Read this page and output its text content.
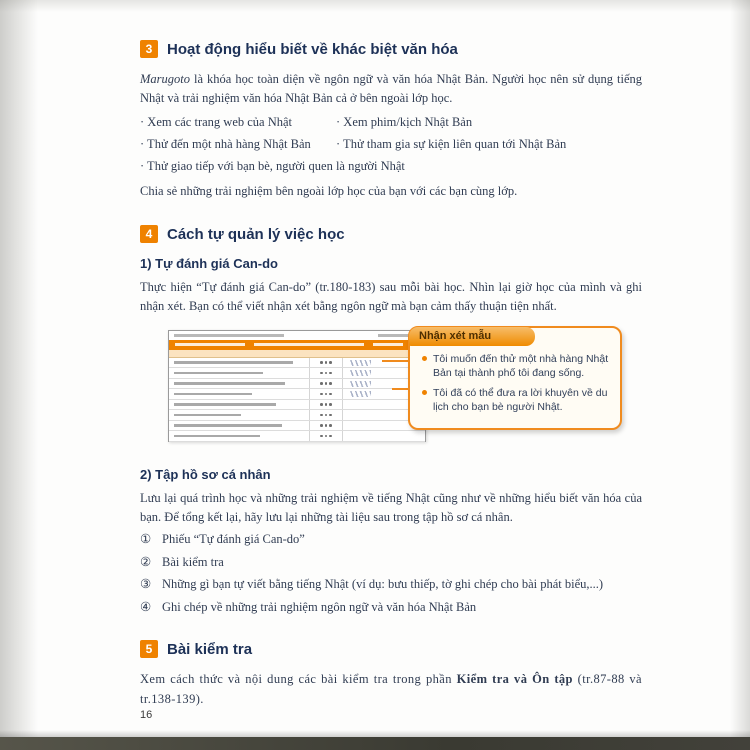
3 Hoạt động hiểu biết về khác biệt văn hóa

Marugoto là khóa học toàn diện về ngôn ngữ và văn hóa Nhật Bản. Người học nên sử dụng tiếng Nhật và trải nghiệm văn hóa Nhật Bản cả ở bên ngoài lớp học.

· Xem các trang web của Nhật	· Xem phim/kịch Nhật Bản
· Thử đến một nhà hàng Nhật Bản	· Thử tham gia sự kiện liên quan tới Nhật Bản
· Thử giao tiếp với bạn bè, người quen là người Nhật

Chia sẻ những trải nghiệm bên ngoài lớp học của bạn với các bạn cùng lớp.

4 Cách tự quản lý việc học
1) Tự đánh giá Can-do

Thực hiện “Tự đánh giá Can-do” (tr.180-183) sau mỗi bài học. Nhìn lại giờ học của mình và ghi nhận xét. Bạn có thể viết nhận xét bằng ngôn ngữ mà bạn cảm thấy thuận tiện nhất.

Nhận xét mẫu
Tôi muốn đến thử một nhà hàng Nhật Bản tại thành phố tôi đang sống.
Tôi đã có thể đưa ra lời khuyên về du lịch cho bạn bè người Nhật.
2) Tập hồ sơ cá nhân

Lưu lại quá trình học và những trải nghiệm về tiếng Nhật cũng như về những hiểu biết văn hóa của bạn. Để tổng kết lại, hãy lưu lại những tài liệu sau trong tập hồ sơ cá nhân.

① Phiếu “Tự đánh giá Can-do”
② Bài kiểm tra
③ Những gì bạn tự viết bằng tiếng Nhật (ví dụ: bưu thiếp, tờ ghi chép cho bài phát biểu,...)
④ Ghi chép về những trải nghiệm ngôn ngữ và văn hóa Nhật Bản
5 Bài kiểm tra

Xem cách thức và nội dung các bài kiểm tra trong phần Kiểm tra và Ôn tập (tr.87-88 và tr.138-139).

16
